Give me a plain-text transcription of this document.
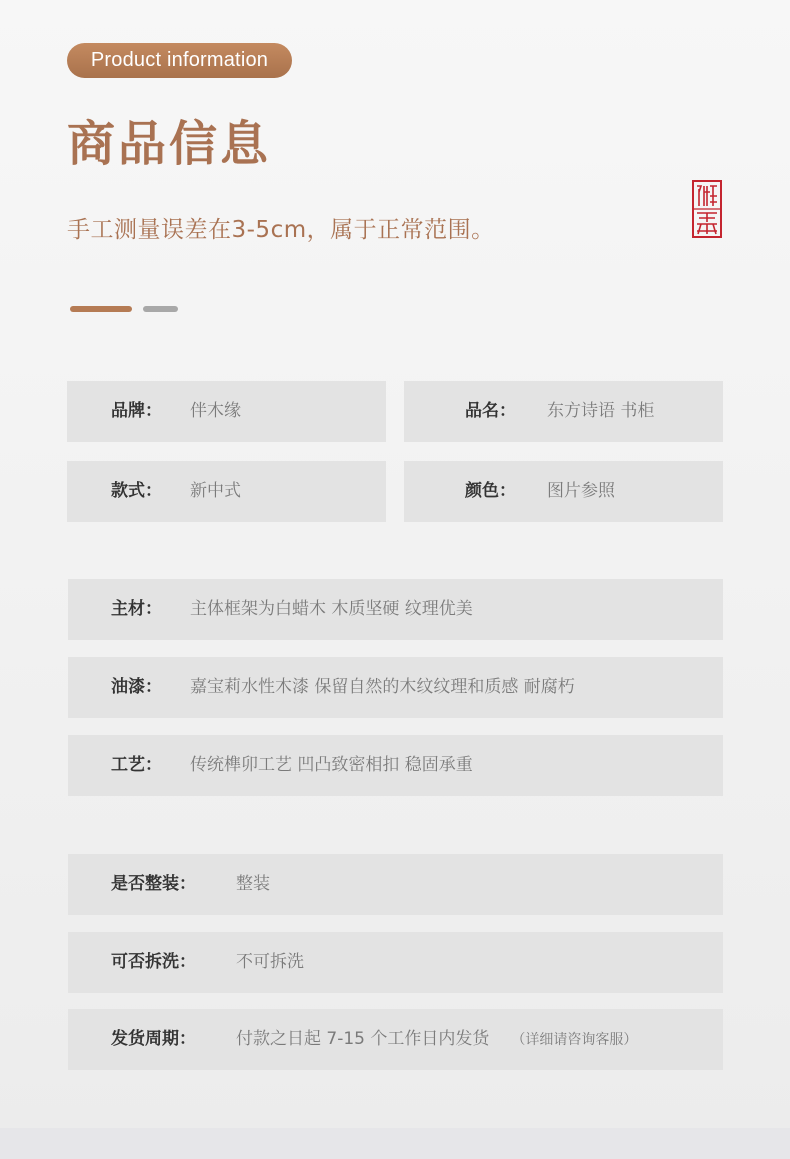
Product information
商品信息
手工测量误差在3-5cm，属于正常范围。
品牌： 伴木缘	品名： 东方诗语 书柜
款式： 新中式	颜色： 图片参照
主材： 主体框架为白蜡木 木质坚硬 纹理优美
油漆： 嘉宝莉水性木漆 保留自然的木纹纹理和质感 耐腐朽
工艺： 传统榫卯工艺 凹凸致密相扣 稳固承重
是否整装： 整装
可否拆洗： 不可拆洗
发货周期： 付款之日起 7-15 个工作日内发货 （详细请咨询客服）
